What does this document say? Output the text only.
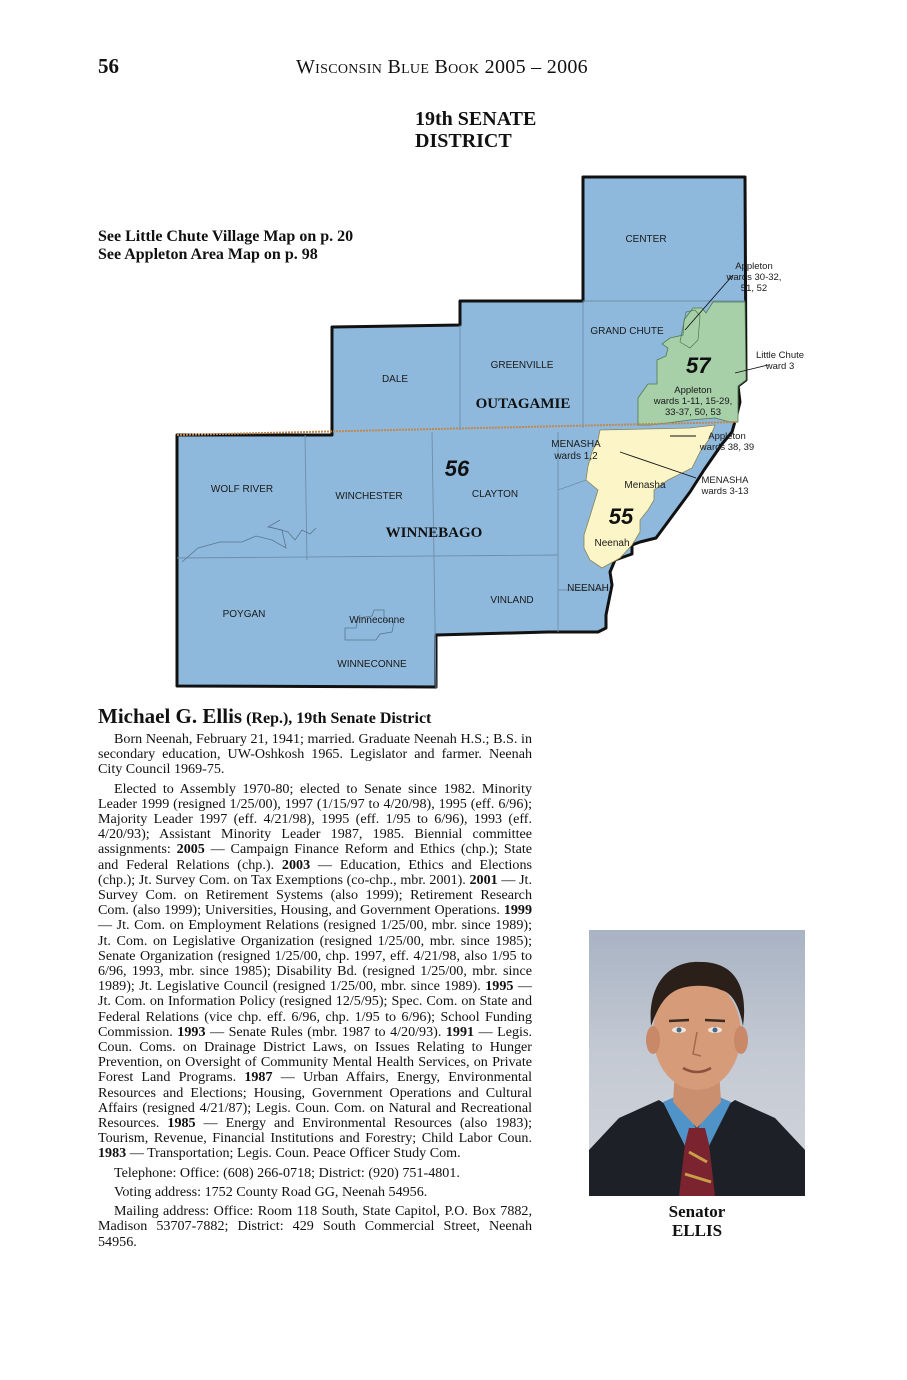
56	Wisconsin Blue Book 2005 – 2006
19th SENATE
DISTRICT
See Little Chute Village Map on p. 20
See Appleton Area Map on p. 98
CENTER
GRAND CHUTE
DALE
GREENVILLE
WOLF RIVER
WINCHESTER	CLAYTON
MENASHA
wards 1,2
Menasha
Neenah
NEENAH
VINLAND
POYGAN
Winneconne
WINNECONNE
Appleton
wards 30-32,
51, 52
Little Chute
ward 3
Appleton
wards 1-11, 15-29,
33-37, 50, 53
Appleton
wards 38, 39
MENASHA
wards 3-13
OUTAGAMIE
WINNEBAGO
57
56
55
Michael G. Ellis (Rep.), 19th Senate District

Born Neenah, February 21, 1941; married. Graduate Neenah H.S.; B.S. in secondary education, UW-Oshkosh 1965. Legislator and farmer. Neenah City Council 1969-75.

Elected to Assembly 1970-80; elected to Senate since 1982. Minority Leader 1999 (resigned 1/25/00), 1997 (1/15/97 to 4/20/98), 1995 (eff. 6/96); Majority Leader 1997 (eff. 4/21/98), 1995 (eff. 1/95 to 6/96), 1993 (eff. 4/20/93); Assistant Minority Leader 1987, 1985. Biennial committee assignments: 2005 — Campaign Finance Reform and Ethics (chp.); State and Federal Relations (chp.). 2003 — Education, Ethics and Elections (chp.); Jt. Survey Com. on Tax Exemptions (co-chp., mbr. 2001). 2001 — Jt. Survey Com. on Retirement Systems (also 1999); Retirement Research Com. (also 1999); Universities, Housing, and Government Operations. 1999 — Jt. Com. on Employment Relations (resigned 1/25/00, mbr. since 1989); Jt. Com. on Legislative Organization (resigned 1/25/00, mbr. since 1985); Senate Organization (resigned 1/25/00, chp. 1997, eff. 4/21/98, also 1/95 to 6/96, 1993, mbr. since 1985); Disability Bd. (resigned 1/25/00, mbr. since 1989); Jt. Legislative Council (resigned 1/25/00, mbr. since 1989). 1995 — Jt. Com. on Information Policy (resigned 12/5/95); Spec. Com. on State and Federal Relations (vice chp. eff. 6/96, chp. 1/95 to 6/96); School Funding Commission. 1993 — Senate Rules (mbr. 1987 to 4/20/93). 1991 — Legis. Coun. Coms. on Drainage District Laws, on Issues Relating to Hunger Prevention, on Oversight of Community Mental Health Services, on Private Forest Land Programs. 1987 — Urban Affairs, Energy, Environmental Resources and Elections; Housing, Government Operations and Cultural Affairs (resigned 4/21/87); Legis. Coun. Com. on Natural and Recreational Resources. 1985 — Energy and Environmental Resources (also 1983); Tourism, Revenue, Financial Institutions and Forestry; Child Labor Coun. 1983 — Transportation; Legis. Coun. Peace Officer Study Com.

Telephone: Office: (608) 266-0718; District: (920) 751-4801.

Voting address: 1752 County Road GG, Neenah 54956.

Mailing address: Office: Room 118 South, State Capitol, P.O. Box 7882, Madison 53707-7882; District: 429 South Commercial Street, Neenah 54956.

Senator
ELLIS
